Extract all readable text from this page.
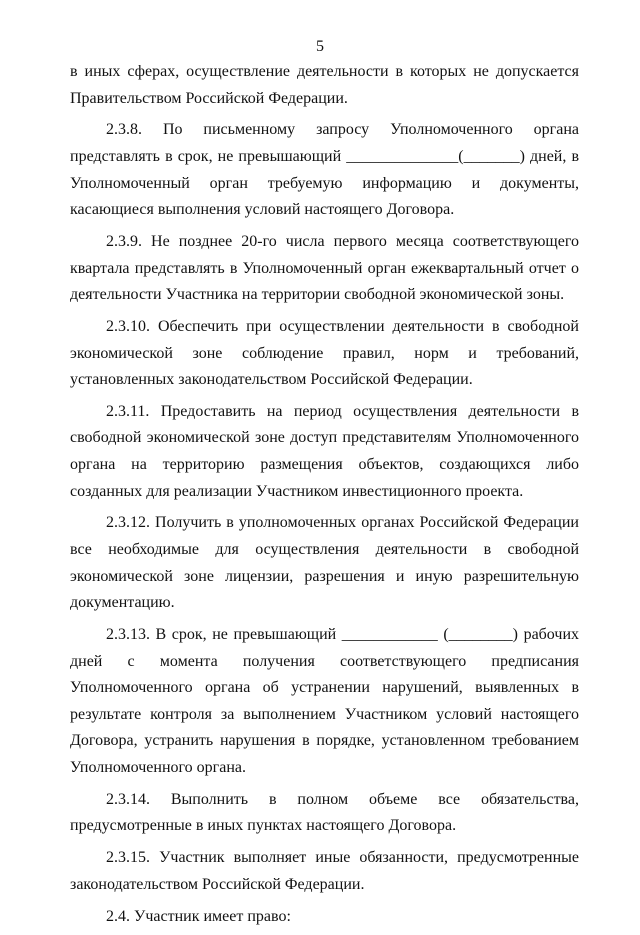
5

в иных сферах, осуществление деятельности в которых не допускается Правительством Российской Федерации.

2.3.8. По письменному запросу Уполномоченного органа представлять в срок, не превышающий ______________(_______) дней, в Уполномоченный орган требуемую информацию и документы, касающиеся выполнения условий настоящего Договора.

2.3.9. Не позднее 20-го числа первого месяца соответствующего квартала представлять в Уполномоченный орган ежеквартальный отчет о деятельности Участника на территории свободной экономической зоны.

2.3.10. Обеспечить при осуществлении деятельности в свободной экономической зоне соблюдение правил, норм и требований, установленных законодательством Российской Федерации.

2.3.11. Предоставить на период осуществления деятельности в свободной экономической зоне доступ представителям Уполномоченного органа на территорию размещения объектов, создающихся либо созданных для реализации Участником инвестиционного проекта.

2.3.12. Получить в уполномоченных органах Российской Федерации все необходимые для осуществления деятельности в свободной экономической зоне лицензии, разрешения и иную разрешительную документацию.

2.3.13. В срок, не превышающий ____________ (________) рабочих дней с момента получения соответствующего предписания Уполномоченного органа об устранении нарушений, выявленных в результате контроля за выполнением Участником условий настоящего Договора, устранить нарушения в порядке, установленном требованием Уполномоченного органа.

2.3.14. Выполнить в полном объеме все обязательства, предусмотренные в иных пунктах настоящего Договора.

2.3.15. Участник выполняет иные обязанности, предусмотренные законодательством Российской Федерации.

2.4. Участник имеет право:
